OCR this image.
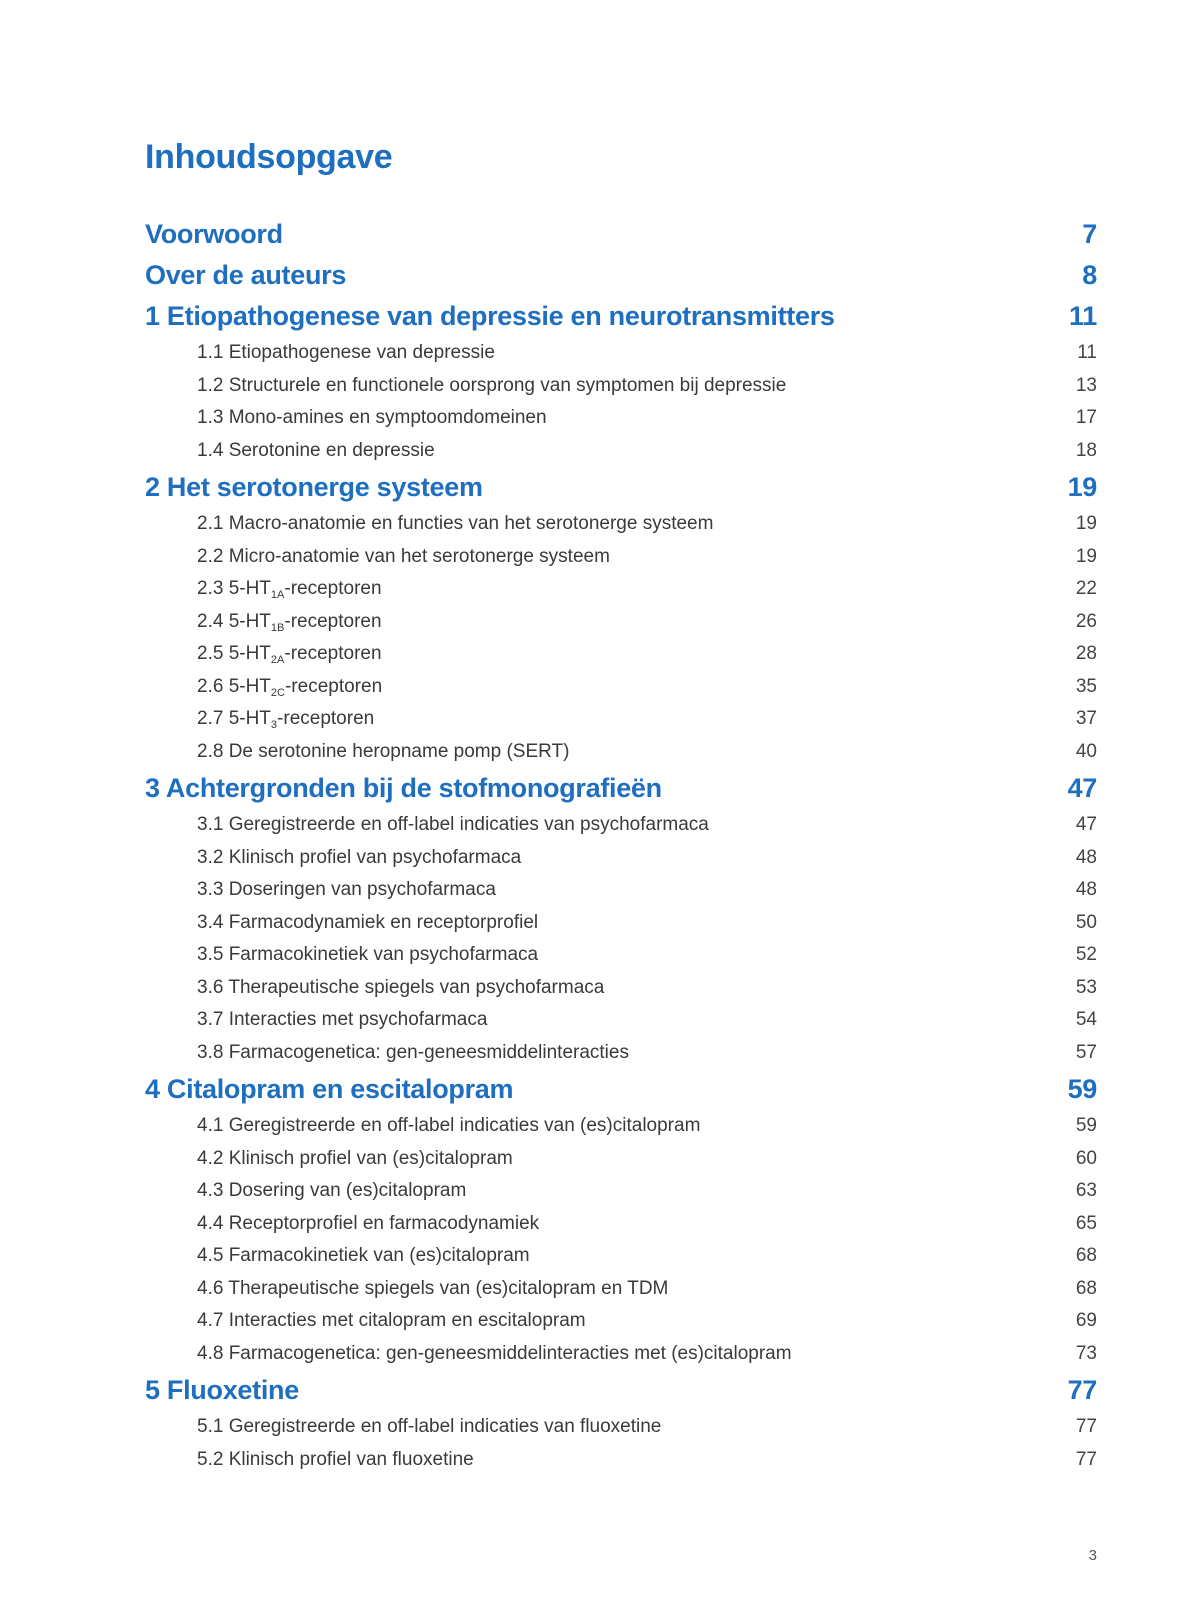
Inhoudsopgave
Voorwoord	7
Over de auteurs	8
1 Etiopathogenese van depressie en neurotransmitters	11
1.1 Etiopathogenese van depressie	11
1.2 Structurele en functionele oorsprong van symptomen bij depressie	13
1.3 Mono-amines en symptoomdomeinen	17
1.4 Serotonine en depressie	18
2 Het serotonerge systeem	19
2.1 Macro-anatomie en functies van het serotonerge systeem	19
2.2 Micro-anatomie van het serotonerge systeem	19
2.3 $5-HT_{1A}$-receptoren	22
2.4 $5-HT_{1B}$-receptoren	26
2.5 $5-HT_{2A}$-receptoren	28
2.6 $5-HT_{2C}$-receptoren	35
2.7 $5-HT_3$-receptoren	37
2.8 De serotonine heropname pomp (SERT)	40
3 Achtergronden bij de stofmonografieën	47
3.1 Geregistreerde en off-label indicaties van psychofarmaca	47
3.2 Klinisch profiel van psychofarmaca	48
3.3 Doseringen van psychofarmaca	48
3.4 Farmacodynamiek en receptorprofiel	50
3.5 Farmacokinetiek van psychofarmaca	52
3.6 Therapeutische spiegels van psychofarmaca	53
3.7 Interacties met psychofarmaca	54
3.8 Farmacogenetica: gen-geneesmiddelinteracties	57
4 Citalopram en escitalopram	59
4.1 Geregistreerde en off-label indicaties van (es)citalopram	59
4.2 Klinisch profiel van (es)citalopram	60
4.3 Dosering van (es)citalopram	63
4.4 Receptorprofiel en farmacodynamiek	65
4.5 Farmacokinetiek van (es)citalopram	68
4.6 Therapeutische spiegels van (es)citalopram en TDM	68
4.7 Interacties met citalopram en escitalopram	69
4.8 Farmacogenetica: gen-geneesmiddelinteracties met (es)citalopram	73
5 Fluoxetine	77
5.1 Geregistreerde en off-label indicaties van fluoxetine	77
5.2 Klinisch profiel van fluoxetine	77
3
